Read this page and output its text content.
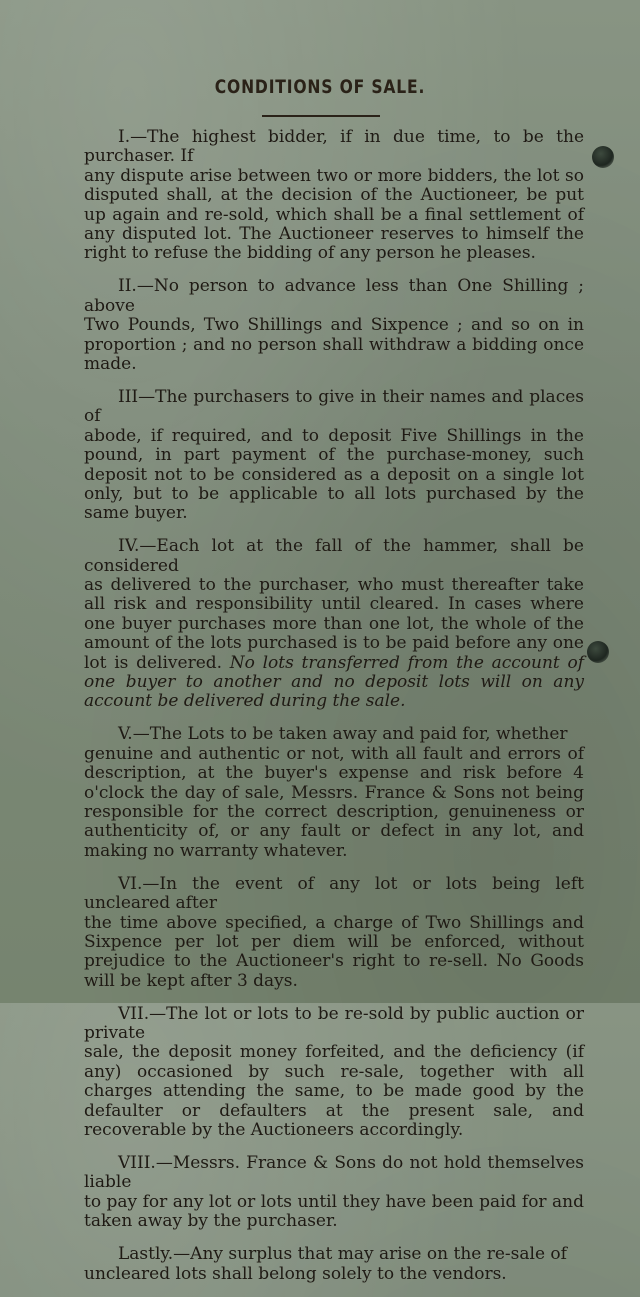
CONDITIONS OF SALE.
I.—The highest bidder, if in due time, to be the purchaser. If
any dispute arise between two or more bidders, the lot so disputed shall, at the decision of the Auctioneer, be put up again and re-sold, which shall be a final settlement of any disputed lot. The Auctioneer reserves to himself the right to refuse the bidding of any person he pleases.
II.—No person to advance less than One Shilling ; above
Two Pounds, Two Shillings and Sixpence ; and so on in proportion ; and no person shall withdraw a bidding once made.
III—The purchasers to give in their names and places of
abode, if required, and to deposit Five Shillings in the pound, in part payment of the purchase-money, such deposit not to be considered as a deposit on a single lot only, but to be applicable to all lots purchased by the same buyer.
IV.—Each lot at the fall of the hammer, shall be considered
as delivered to the purchaser, who must thereafter take all risk and responsibility until cleared. In cases where one buyer purchases more than one lot, the whole of the amount of the lots purchased is to be paid before any one lot is delivered. No lots transferred from the account of one buyer to another and no deposit lots will on any account be delivered during the sale.
V.—The Lots to be taken away and paid for, whether
genuine and authentic or not, with all fault and errors of description, at the buyer's expense and risk before 4 o'clock the day of sale, Messrs. France & Sons not being responsible for the correct description, genuineness or authenticity of, or any fault or defect in any lot, and making no warranty whatever.
VI.—In the event of any lot or lots being left uncleared after
the time above specified, a charge of Two Shillings and Sixpence per lot per diem will be enforced, without prejudice to the Auctioneer's right to re-sell. No Goods will be kept after 3 days.
VII.—The lot or lots to be re-sold by public auction or private
sale, the deposit money forfeited, and the deficiency (if any) occasioned by such re-sale, together with all charges attending the same, to be made good by the defaulter or defaulters at the present sale, and recoverable by the Auctioneers accordingly.
VIII.—Messrs. France & Sons do not hold themselves liable
to pay for any lot or lots until they have been paid for and taken away by the purchaser.
Lastly.—Any surplus that may arise on the re-sale of
uncleared lots shall belong solely to the vendors.
